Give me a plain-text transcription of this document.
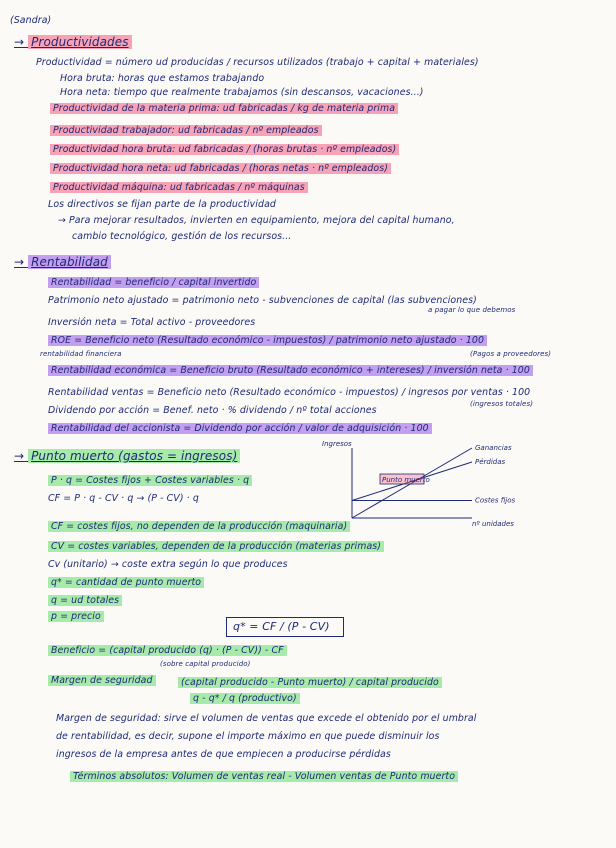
(Sandra)
→ Productividades
Productividad = número ud producidas / recursos utilizados (trabajo + capital + materiales)
Hora bruta: horas que estamos trabajando
Hora neta: tiempo que realmente trabajamos (sin descansos, vacaciones...)
Productividad de la materia prima: ud fabricadas / kg de materia prima
Productividad trabajador: ud fabricadas / nº empleados
Productividad hora bruta: ud fabricadas / (horas brutas · nº empleados)
Productividad hora neta: ud fabricadas / (horas netas · nº empleados)
Productividad máquina: ud fabricadas / nº máquinas
Los directivos se fijan parte de la productividad
→ Para mejorar resultados, invierten en equipamiento, mejora del capital humano,
cambio tecnológico, gestión de los recursos...
→ Rentabilidad
Rentabilidad = beneficio / capital invertido
Patrimonio neto ajustado = patrimonio neto - subvenciones de capital (las subvenciones)
Inversión neta = Total activo - proveedores
a pagar lo que debemos
ROE = Beneficio neto (Resultado económico - impuestos) / patrimonio neto ajustado · 100
rentabilidad financiera	(Pagos a proveedores)
Rentabilidad económica = Beneficio bruto (Resultado económico + intereses) / inversión neta · 100
Rentabilidad ventas = Beneficio neto (Resultado económico - impuestos) / ingresos por ventas · 100
(ingresos totales)
Dividendo por acción = Benef. neto · % dividendo / nº total acciones
Rentabilidad del accionista = Dividendo por acción / valor de adquisición · 100
→ Punto muerto (gastos = ingresos)
P · q = Costes fijos + Costes variables · q
CF = P · q - CV · q → (P - CV) · q
Ingresos
nº unidades
Ganancias
Pérdidas
Costes fijos
Punto muerto
CF = costes fijos, no dependen de la producción (maquinaria)
CV = costes variables, dependen de la producción (materias primas)
Cv (unitario) → coste extra según lo que produces
q* = cantidad de punto muerto
q = ud totales
p = precio
q* = CF / (P - CV)
Beneficio = (capital producido (q) · (P - CV)) - CF
(sobre capital producido)
Margen de seguridad	(capital producido - Punto muerto) / capital producido
q - q* / q (productivo)
Margen de seguridad: sirve el volumen de ventas que excede el obtenido por el umbral
de rentabilidad, es decir, supone el importe máximo en que puede disminuir los
ingresos de la empresa antes de que empiecen a producirse pérdidas
Términos absolutos: Volumen de ventas real - Volumen ventas de Punto muerto
